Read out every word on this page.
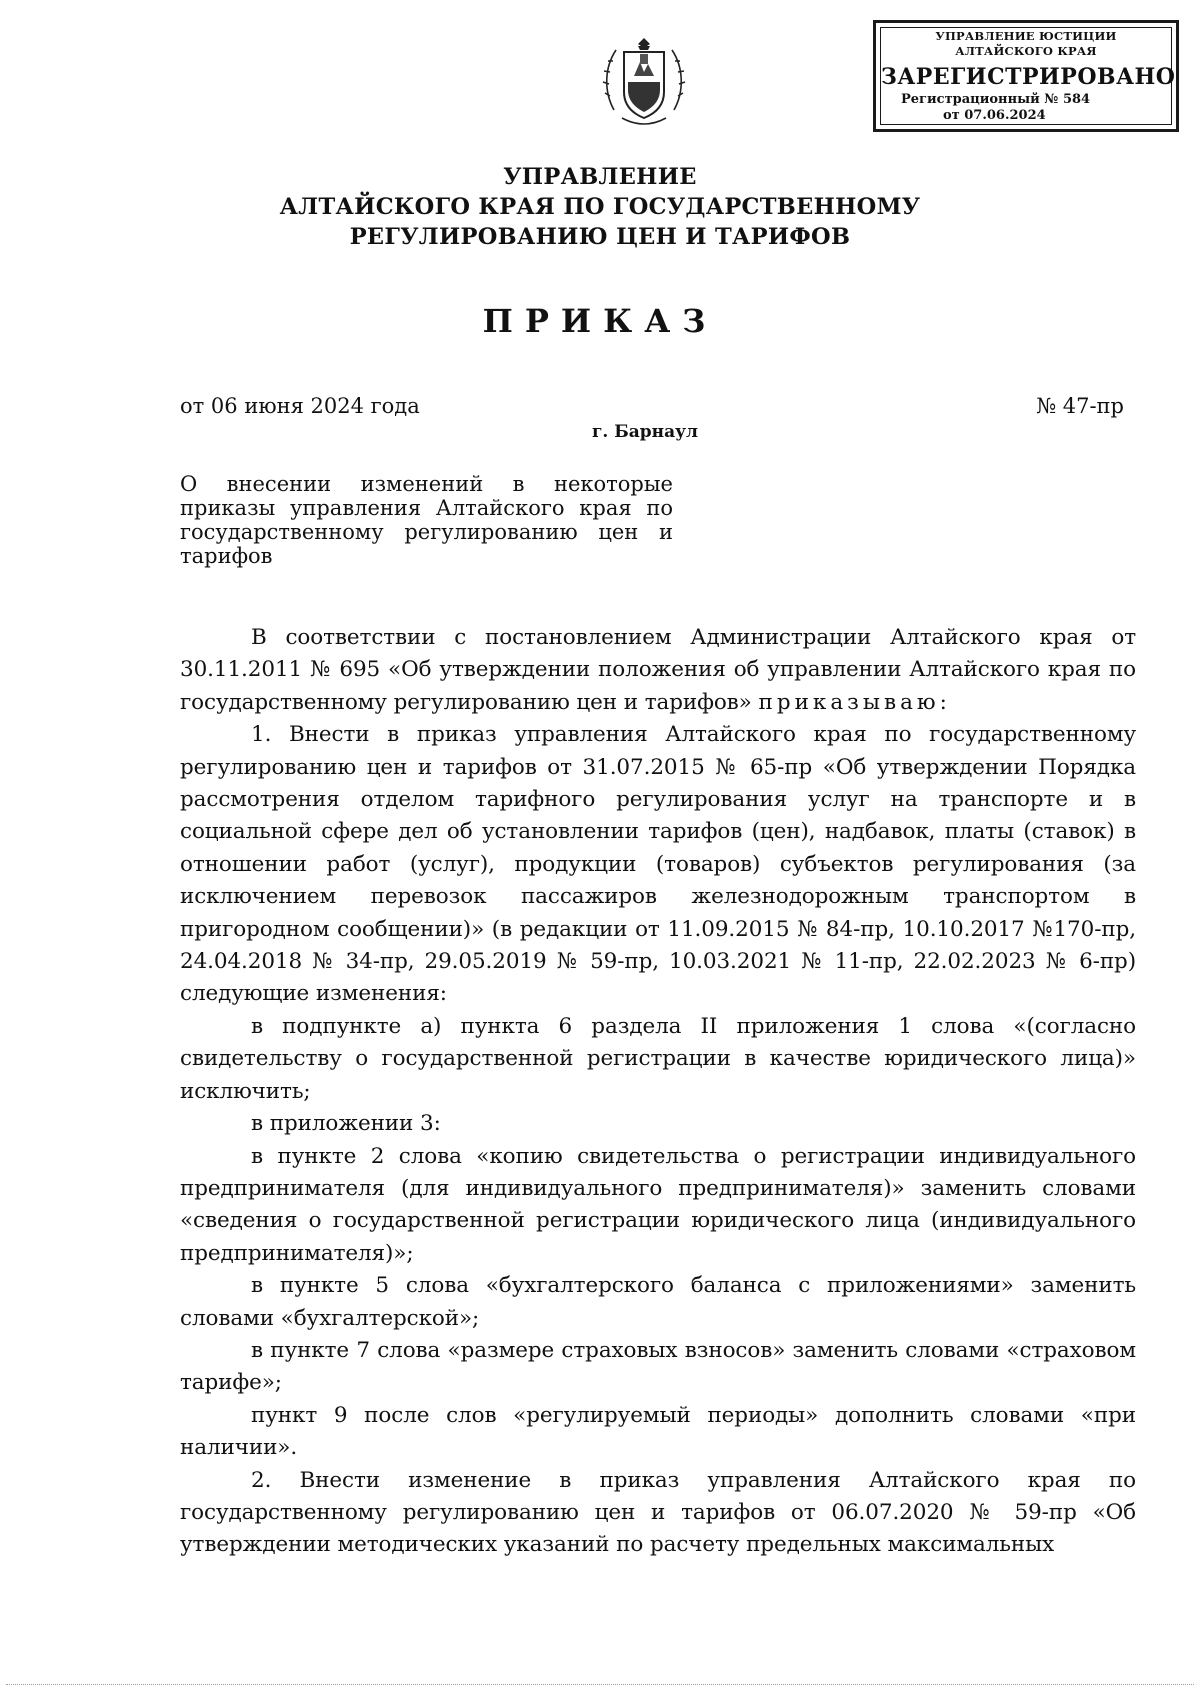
УПРАВЛЕНИЕ ЮСТИЦИИ
АЛТАЙСКОГО КРАЯ
ЗАРЕГИСТРИРОВАНО
Регистрационный № 584
от 07.06.2024
УПРАВЛЕНИЕ
АЛТАЙСКОГО КРАЯ ПО ГОСУДАРСТВЕННОМУ
РЕГУЛИРОВАНИЮ ЦЕН И ТАРИФОВ
ПРИКАЗ
от 06 июня 2024 года	№ 47-пр
г. Барнаул
О внесении изменений в некоторые приказы управления Алтайского края по государственному регулированию цен и тарифов

В соответствии с постановлением Администрации Алтайского края от 30.11.2011 № 695 «Об утверждении положения об управлении Алтайского края по государственному регулированию цен и тарифов» приказываю:

1. Внести в приказ управления Алтайского края по государственному регулированию цен и тарифов от 31.07.2015 № 65-пр «Об утверждении Порядка рассмотрения отделом тарифного регулирования услуг на транспорте и в социальной сфере дел об установлении тарифов (цен), надбавок, платы (ставок) в отношении работ (услуг), продукции (товаров) субъектов регулирования (за исключением перевозок пассажиров железнодорожным транспортом в пригородном сообщении)» (в редакции от 11.09.2015 № 84-пр, 10.10.2017 №170-пр, 24.04.2018 № 34-пр, 29.05.2019 № 59-пр, 10.03.2021 № 11-пр, 22.02.2023 № 6-пр) следующие изменения:

в подпункте а) пункта 6 раздела II приложения 1 слова «(согласно свидетельству о государственной регистрации в качестве юридического лица)» исключить;

в приложении 3:

в пункте 2 слова «копию свидетельства о регистрации индивидуального предпринимателя (для индивидуального предпринимателя)» заменить словами «сведения о государственной регистрации юридического лица (индивидуального предпринимателя)»;

в пункте 5 слова «бухгалтерского баланса с приложениями» заменить словами «бухгалтерской»;

в пункте 7 слова «размере страховых взносов» заменить словами «страховом тарифе»;

пункт 9 после слов «регулируемый периоды» дополнить словами «при наличии».

2. Внести изменение в приказ управления Алтайского края по государственному регулированию цен и тарифов от 06.07.2020 № 59-пр «Об утверждении методических указаний по расчету предельных максимальных
